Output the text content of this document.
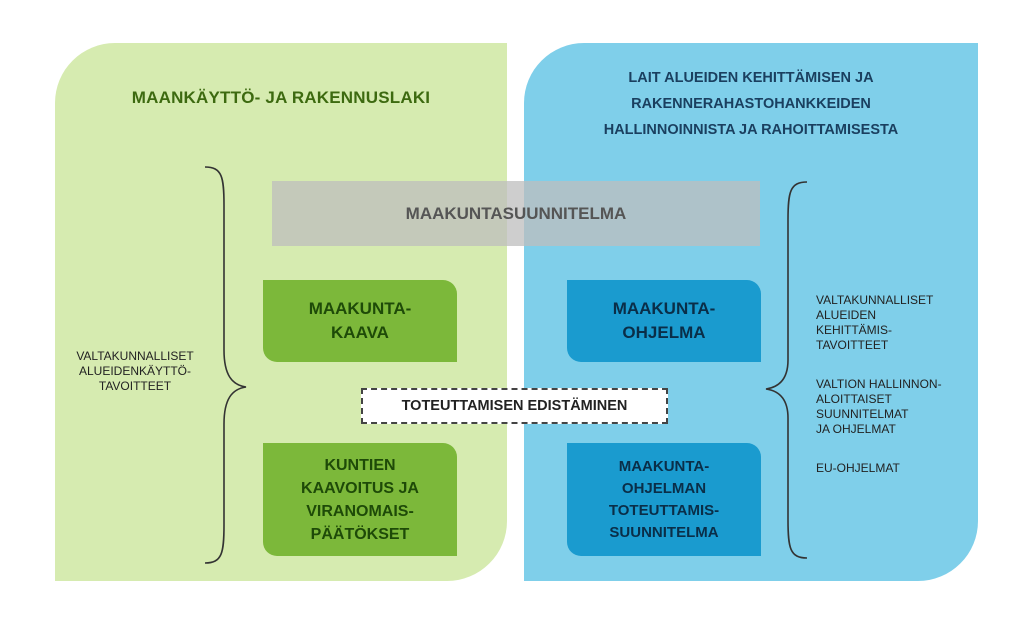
MAANKÄYTTÖ- JA RAKENNUSLAKI
LAIT ALUEIDEN KEHITTÄMISEN JA
RAKENNERAHASTOHANKKEIDEN
HALLINNOINNISTA JA RAHOITTAMISESTA
MAAKUNTASUUNNITELMA
MAAKUNTA-
KAAVA
KUNTIEN
KAAVOITUS JA
VIRANOMAIS-
PÄÄTÖKSET
MAAKUNTA-
OHJELMA
MAAKUNTA-
OHJELMAN
TOTEUTTAMIS-
SUUNNITELMA
TOTEUTTAMISEN EDISTÄMINEN
VALTAKUNNALLISET
ALUEIDENKÄYTTÖ-
TAVOITTEET

VALTAKUNNALLISET
ALUEIDEN
KEHITTÄMIS-
TAVOITTEET

VALTION HALLINNON-
ALOITTAISET
SUUNNITELMAT
JA OHJELMAT

EU-OHJELMAT
